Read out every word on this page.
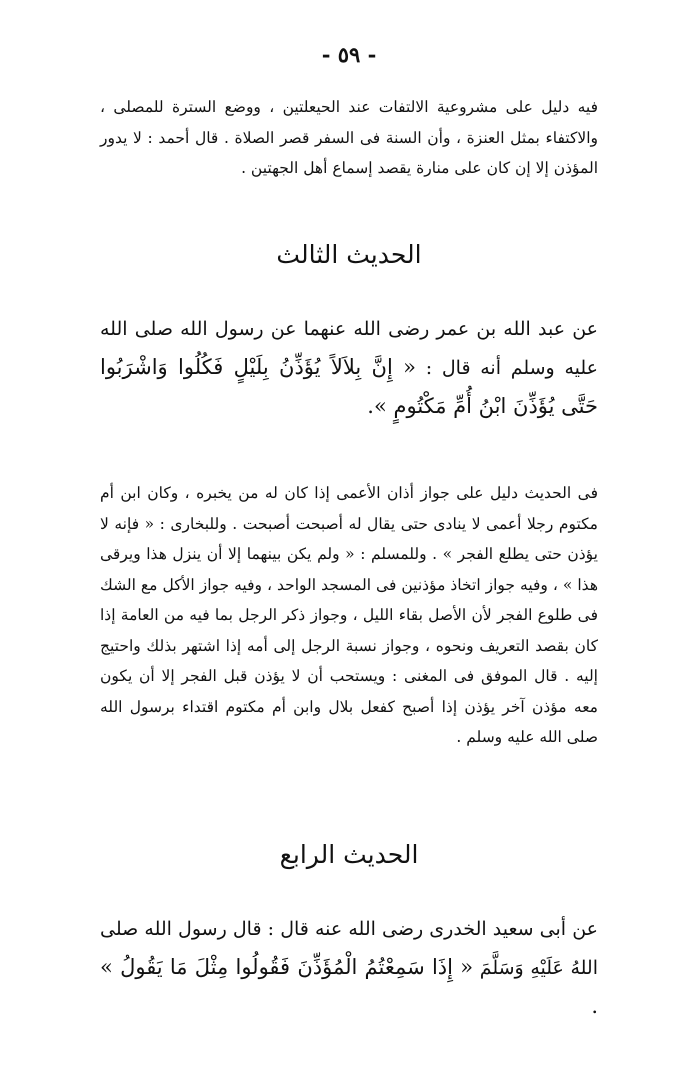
- ٥٩ -

فيه دليل على مشروعية الالتفات عند الحيعلتين ، ووضع السترة للمصلى ، والاكتفاء بمثل العنزة ، وأن السنة فى السفر قصر الصلاة . قال أحمد : لا يدور المؤذن إلا إن كان على منارة يقصد إسماع أهل الجهتين .

الحديث الثالث

عن عبد الله بن عمر رضى الله عنهما عن رسول الله صلى الله عليه وسلم أنه قال : « إِنَّ بِلاَلاً يُؤَذِّنُ بِلَيْلٍ فَكُلُوا وَاشْرَبُوا حَتَّى يُؤَذِّنَ ابْنُ أُمِّ مَكْتُومٍ ».

فى الحديث دليل على جواز أذان الأعمى إذا كان له من يخبره ، وكان ابن أم مكتوم رجلا أعمى لا ينادى حتى يقال له أصبحت أصبحت . وللبخارى : « فإنه لا يؤذن حتى يطلع الفجر » . وللمسلم : « ولم يكن بينهما إلا أن ينزل هذا ويرقى هذا » ، وفيه جواز اتخاذ مؤذنين فى المسجد الواحد ، وفيه جواز الأكل مع الشك فى طلوع الفجر لأن الأصل بقاء الليل ، وجواز ذكر الرجل بما فيه من العامة إذا كان بقصد التعريف ونحوه ، وجواز نسبة الرجل إلى أمه إذا اشتهر بذلك واحتيج إليه . قال الموفق فى المغنى : ويستحب أن لا يؤذن قبل الفجر إلا أن يكون معه مؤذن آخر يؤذن إذا أصبح كفعل بلال وابن أم مكتوم اقتداء برسول الله صلى الله عليه وسلم .

الحديث الرابع

عن أبى سعيد الخدرى رضى الله عنه قال : قال رسول الله صلى اللهُ عَلَيْهِ وَسَلَّمَ « إِذَا سَمِعْتُمُ الْمُؤَذِّنَ فَقُولُوا مِثْلَ مَا يَقُولُ » .
